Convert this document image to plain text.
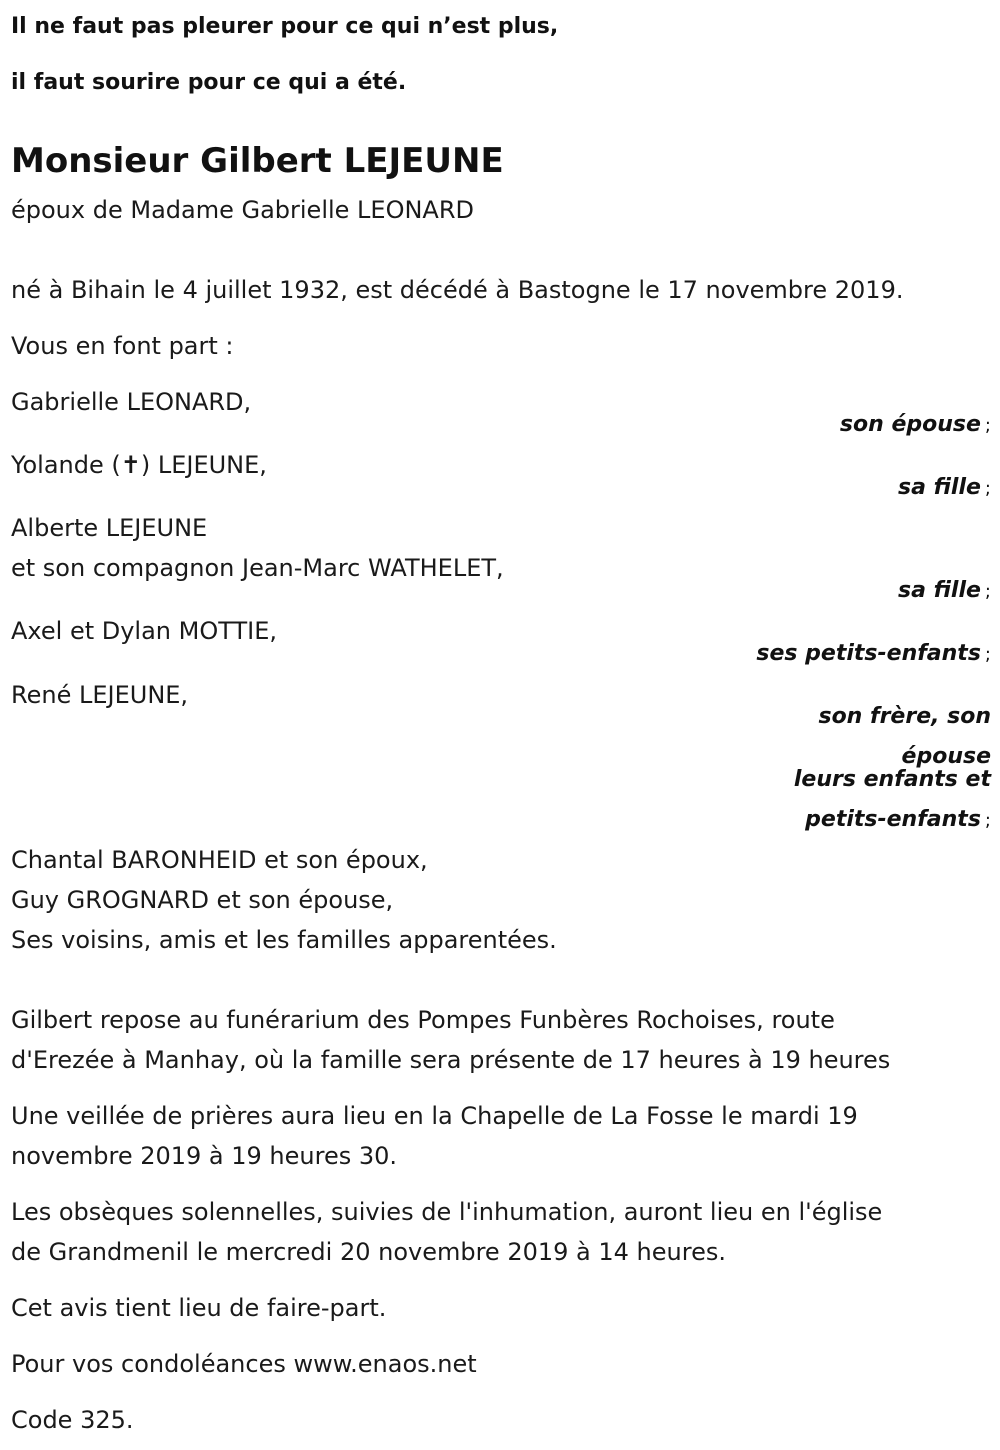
Il ne faut pas pleurer pour ce qui n’est plus,
il faut sourire pour ce qui a été.
Monsieur Gilbert LEJEUNE
époux de Madame Gabrielle LEONARD
né à Bihain le 4 juillet 1932, est décédé à Bastogne le 17 novembre 2019.
Vous en font part :
Gabrielle LEONARD,
son épouse ;
Yolande (✝) LEJEUNE,
sa fille ;
Alberte LEJEUNE
et son compagnon Jean-Marc WATHELET,
sa fille ;
Axel et Dylan MOTTIE,
ses petits-enfants ;
René LEJEUNE,
son frère, son
épouse
leurs enfants et
petits-enfants ;
Chantal BARONHEID et son époux,
Guy GROGNARD et son épouse,
Ses voisins, amis et les familles apparentées.
Gilbert repose au funérarium des Pompes Funbères Rochoises, route
d'Erezée à Manhay, où la famille sera présente de 17 heures à 19 heures
Une veillée de prières aura lieu en la Chapelle de La Fosse le mardi 19
novembre 2019 à 19 heures 30.
Les obsèques solennelles, suivies de l'inhumation, auront lieu en l'église
de Grandmenil le mercredi 20 novembre 2019 à 14 heures.
Cet avis tient lieu de faire-part.
Pour vos condoléances www.enaos.net
Code 325.
